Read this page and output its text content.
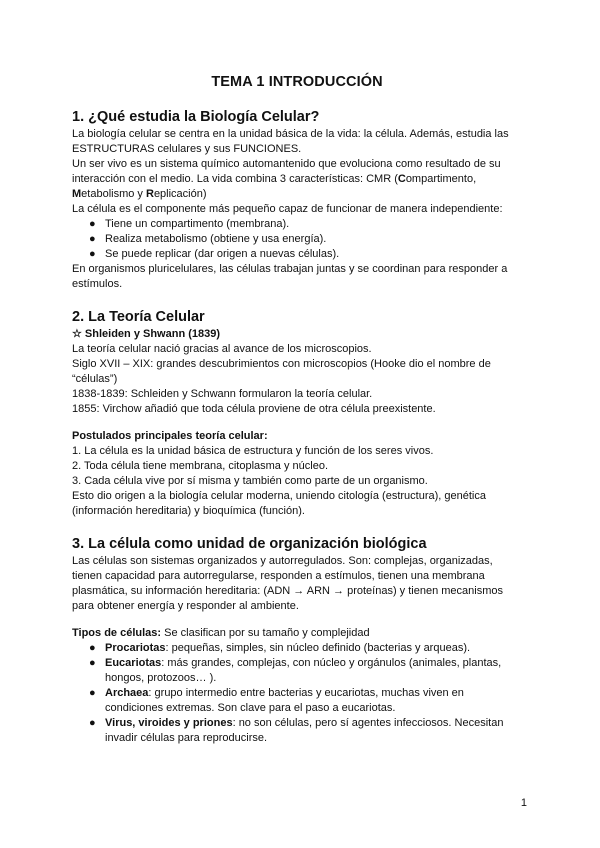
TEMA 1 INTRODUCCIÓN
1. ¿Qué estudia la Biología Celular?

La biología celular se centra en la unidad básica de la vida: la célula. Además, estudia las ESTRUCTURAS celulares y sus FUNCIONES.

Un ser vivo es un sistema químico automantenido que evoluciona como resultado de su interacción con el medio. La vida combina 3 características: CMR (Compartimento,
Metabolismo y Replicación)

La célula es el componente más pequeño capaz de funcionar de manera independiente:

● Tiene un compartimento (membrana).
● Realiza metabolismo (obtiene y usa energía).
● Se puede replicar (dar origen a nuevas células).

En organismos pluricelulares, las células trabajan juntas y se coordinan para responder a estímulos.

2. La Teoría Celular

☆ Shleiden y Shwann (1839)

La teoría celular nació gracias al avance de los microscopios.

Siglo XVII – XIX: grandes descubrimientos con microscopios (Hooke dio el nombre de “células”)

1838-1839: Schleiden y Schwann formularon la teoría celular.

1855: Virchow añadió que toda célula proviene de otra célula preexistente.

Postulados principales teoría celular:

1. La célula es la unidad básica de estructura y función de los seres vivos.

2. Toda célula tiene membrana, citoplasma y núcleo.

3. Cada célula vive por sí misma y también como parte de un organismo.

Esto dio origen a la biología celular moderna, uniendo citología (estructura), genética (información hereditaria) y bioquímica (función).

3. La célula como unidad de organización biológica

Las células son sistemas organizados y autorregulados. Son: complejas, organizadas, tienen capacidad para autorregularse, responden a estímulos, tienen una membrana plasmática, su información hereditaria: (ADN → ARN → proteínas) y tienen mecanismos para obtener energía y responder al ambiente.

Tipos de células: Se clasifican por su tamaño y complejidad

● Procariotas: pequeñas, simples, sin núcleo definido (bacterias y arqueas).
● Eucariotas: más grandes, complejas, con núcleo y orgánulos (animales, plantas, hongos, protozoos… ).
● Archaea: grupo intermedio entre bacterias y eucariotas, muchas viven en condiciones extremas. Son clave para el paso a eucariotas.
● Virus, viroides y priones: no son células, pero sí agentes infecciosos. Necesitan invadir células para reproducirse.
1
